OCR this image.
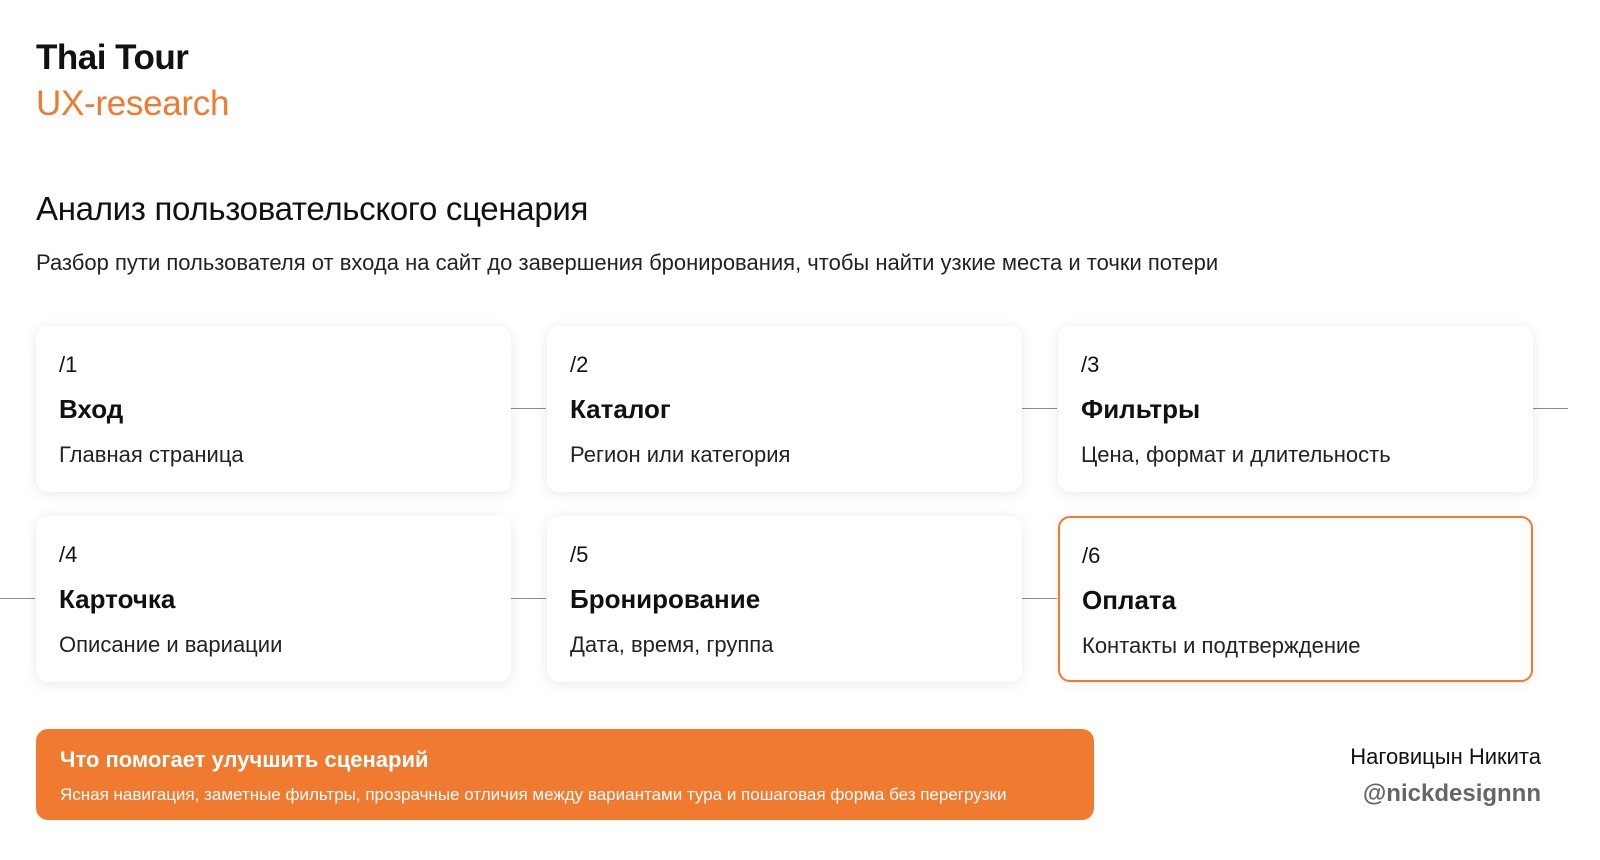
Thai Tour
UX-research
Анализ пользовательского сценария
Разбор пути пользователя от входа на сайт до завершения бронирования, чтобы найти узкие места и точки потери
/1
Вход
Главная страница
/2
Каталог
Регион или категория
/3
Фильтры
Цена, формат и длительность
/4
Карточка
Описание и вариации
/5
Бронирование
Дата, время, группа
/6
Оплата
Контакты и подтверждение
Что помогает улучшить сценарий
Ясная навигация, заметные фильтры, прозрачные отличия между вариантами тура и пошаговая форма без перегрузки
Наговицын Никита
@nickdesignnn
